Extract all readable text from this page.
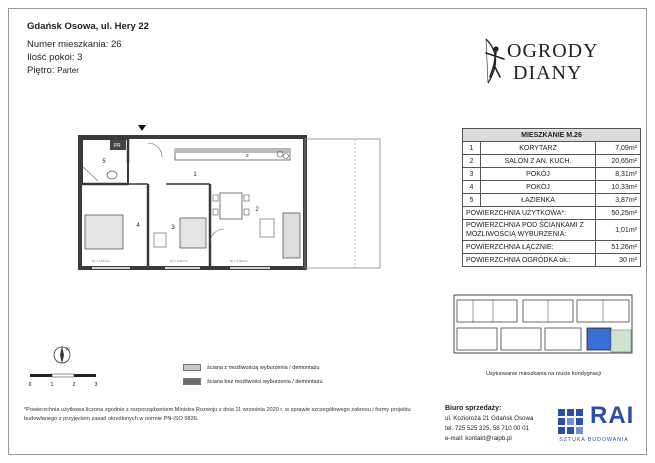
Gdańsk Osowa, ul. Hery 22
Numer mieszkania: 26
Ilość pokoi: 3
Piętro: Parter
OGRODY
DIANY
5
1
2
3
4
PR
Z
hp = 1,50 cm	hp = 1,50 cm	hp = 1,50 cm
MIESZKANIE M.26		
1	KORYTARZ	7,09m²
2	SALON Z AN. KUCH.	20,65m²
3	POKÓJ	8,31m²
4	POKÓJ	10,33m²
5	ŁAZIENKA	3,87m²
POWIERZCHNIA UŻYTKOWA*:		50,25m²
POWIERZCHNIA POD ŚCIANKAMI Z MOŻLIWOŚCIĄ WYBURZENIA:		1,01m²
POWIERZCHNIA ŁĄCZNIE:		51,26m²
POWIERZCHNIA OGRÓDKA ok.:		30 m²
Usytuowanie mieszkania na rzucie kondygnacji
N
0	1	2	3
ściana z możliwością wyburzenia / demontażu
ściana bez możliwości wyburzenia / demontażu
*Powierzchnia użytkowa liczona zgodnie z rozporządzeniem Ministra Rozwoju z dnia 11 września 2020 r. w sprawie szczegółowego zakresu i formy projektu budowlanego z przyjęciem zasad określonych w normie PN-ISO 9836.
Biuro sprzedaży:
ul. Kozioroża 21 Gdańsk Osowa
tel. 725 525 325, 58 710 00 01
e-mail: kontakt@raipb.pl
RAI
SZTUKA BUDOWANIA
